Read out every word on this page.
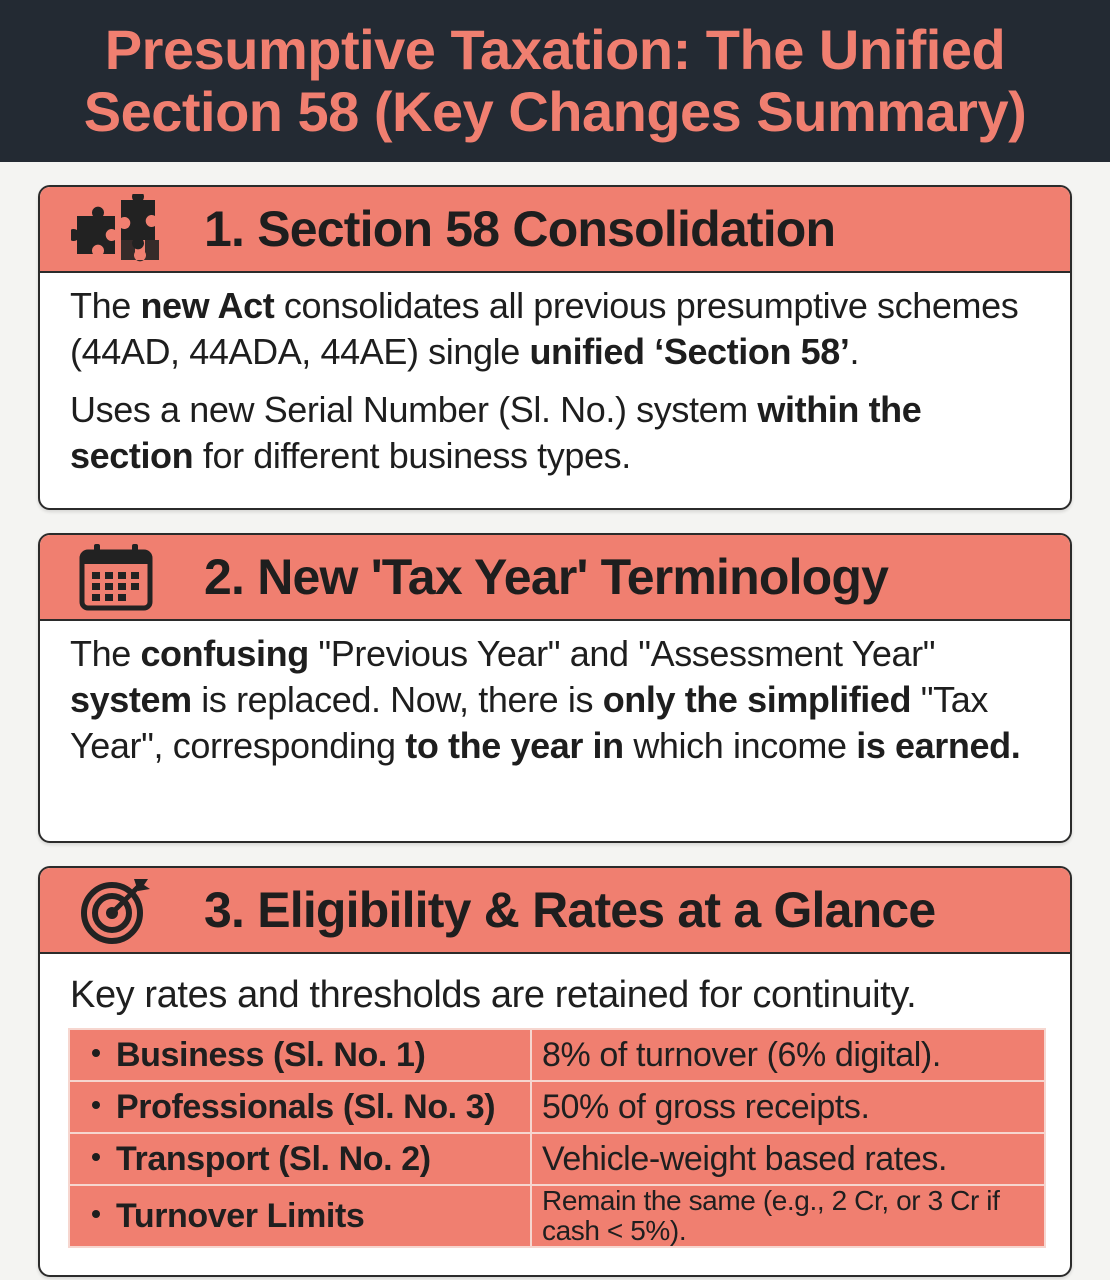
Presumptive Taxation: The Unified
Section 58 (Key Changes Summary)
1. Section 58 Consolidation

The new Act consolidates all previous presumptive schemes (44AD, 44ADA, 44AE) single unified ‘Section 58’.

Uses a new Serial Number (Sl. No.) system within the section for different business types.

2. New 'Tax Year' Terminology

The confusing "Previous Year" and "Assessment Year" system is replaced. Now, there is only the simplified "Tax Year", corresponding to the year in which income is earned.

3. Eligibility & Rates at a Glance
Key rates and thresholds are retained for continuity.
Business (Sl. No. 1)	8% of turnover (6% digital).
Professionals (Sl. No. 3)	50% of gross receipts.
Transport (Sl. No. 2)	Vehicle-weight based rates.
Turnover Limits	Remain the same (e.g., 2 Cr, or 3 Cr if cash < 5%).
